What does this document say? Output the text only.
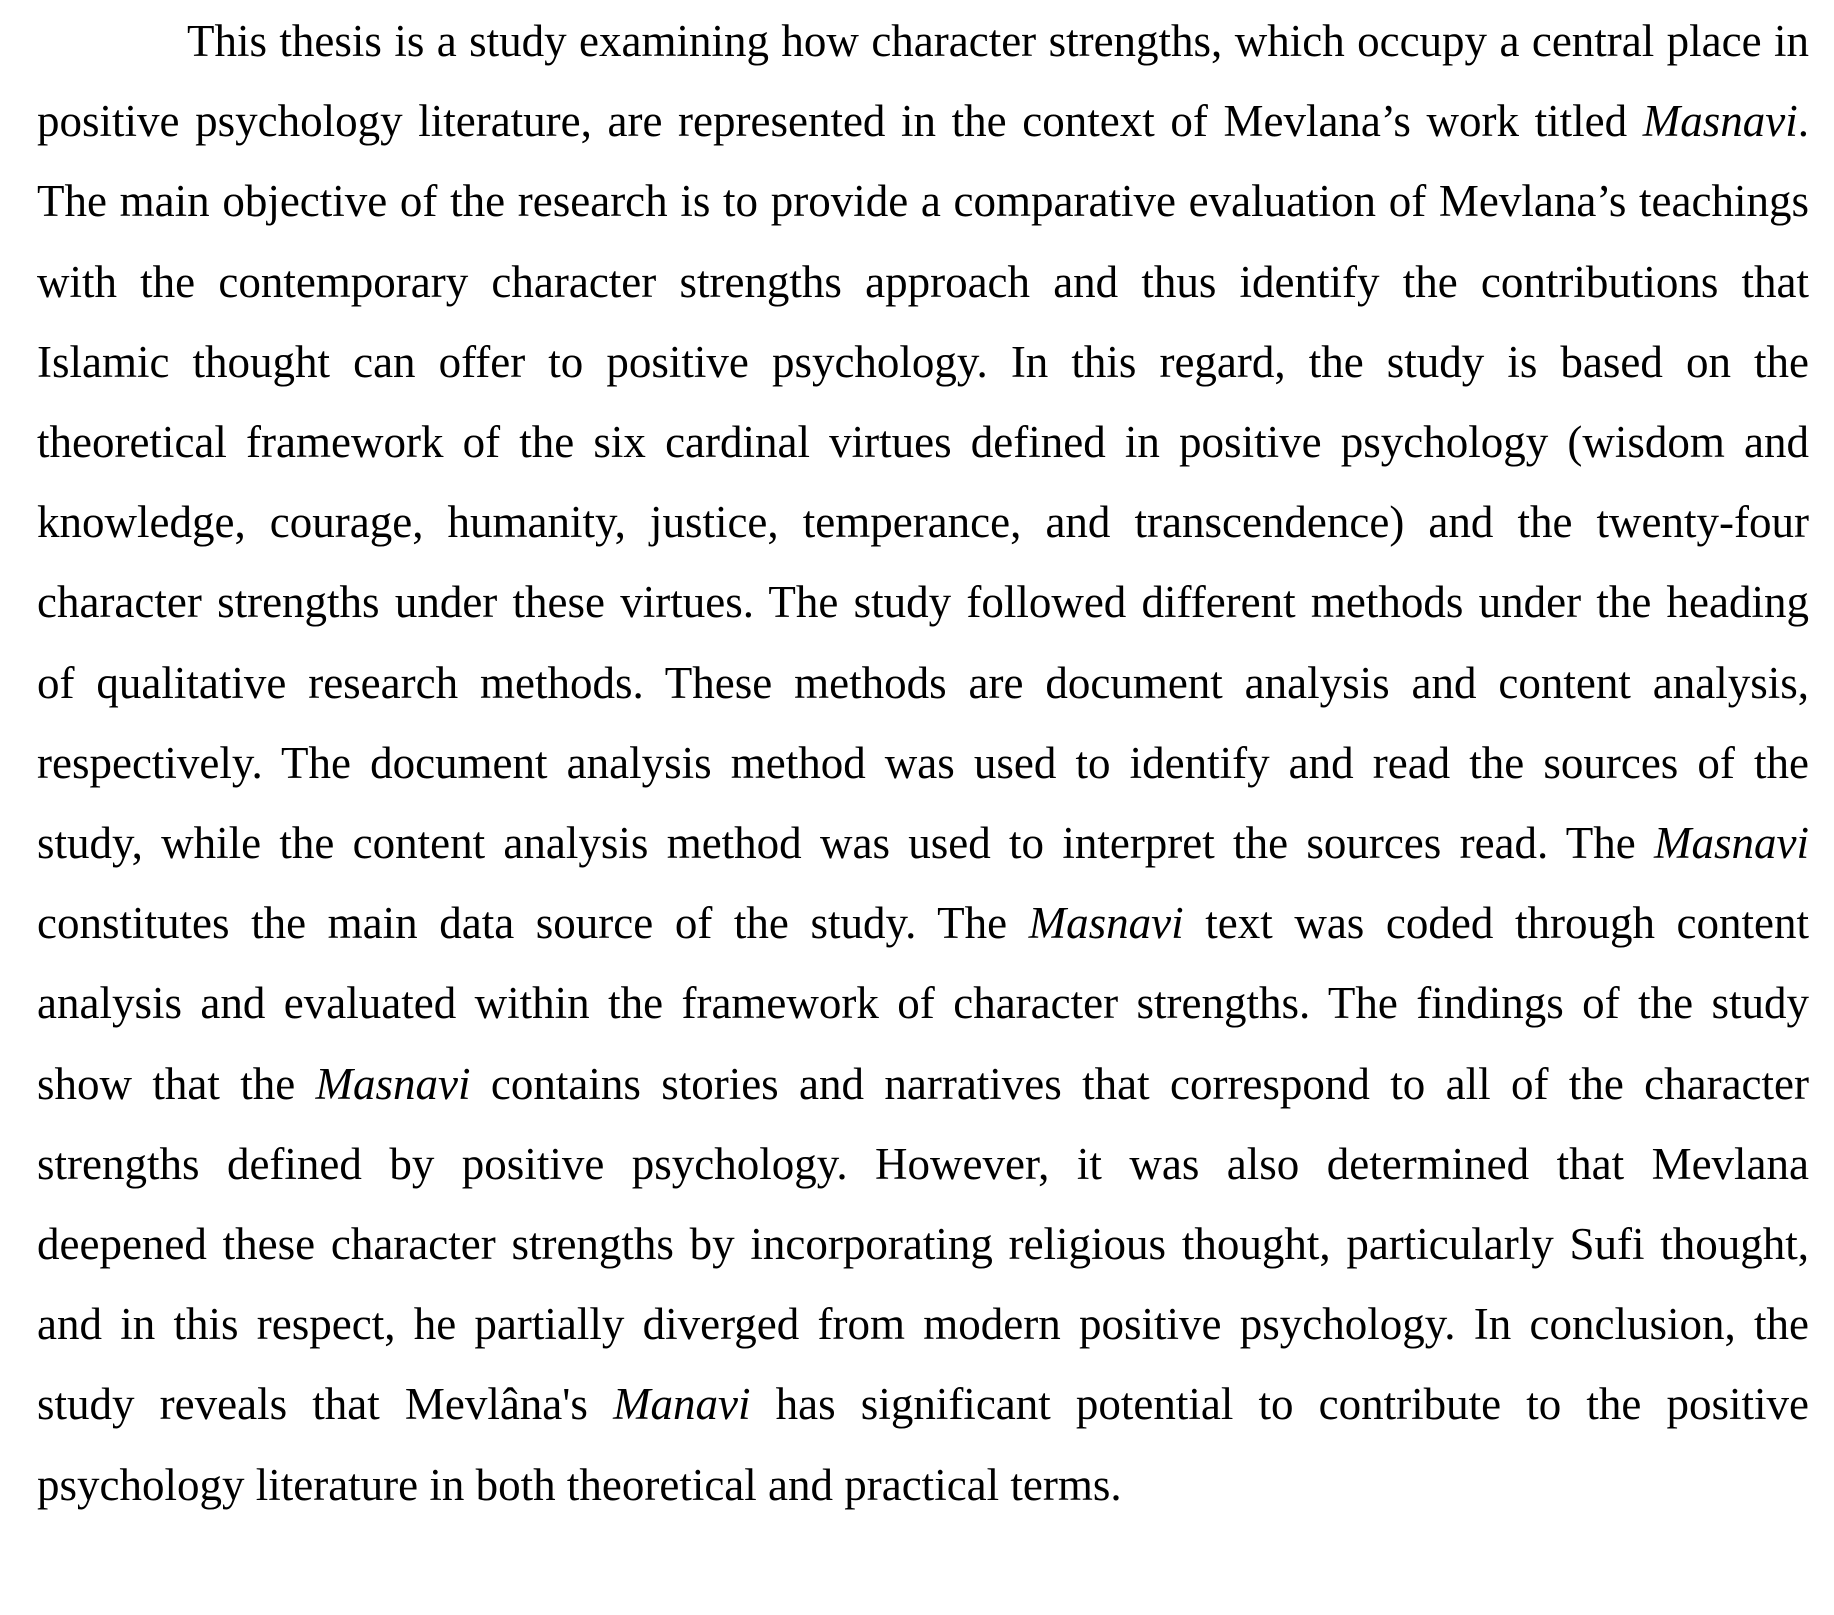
This thesis is a study examining how character strengths, which occupy a central place in positive psychology literature, are represented in the context of Mevlana’s work titled Masnavi. The main objective of the research is to provide a comparative evaluation of Mevlana’s teachings with the contemporary character strengths approach and thus identify the contributions that Islamic thought can offer to positive psychology. In this regard, the study is based on the theoretical framework of the six cardinal virtues defined in positive psychology (wisdom and knowledge, courage, humanity, justice, temperance, and transcendence) and the twenty-four character strengths under these virtues. The study followed different methods under the heading of qualitative research methods. These methods are document analysis and content analysis, respectively. The document analysis method was used to identify and read the sources of the study, while the content analysis method was used to interpret the sources read. The Masnavi constitutes the main data source of the study. The Masnavi text was coded through content analysis and evaluated within the framework of character strengths. The findings of the study show that the Masnavi contains stories and narratives that correspond to all of the character strengths defined by positive psychology. However, it was also determined that Mevlana deepened these character strengths by incorporating religious thought, particularly Sufi thought, and in this respect, he partially diverged from modern positive psychology. In conclusion, the study reveals that Mevlâna's Manavi has significant potential to contribute to the positive psychology literature in both theoretical and practical terms.
